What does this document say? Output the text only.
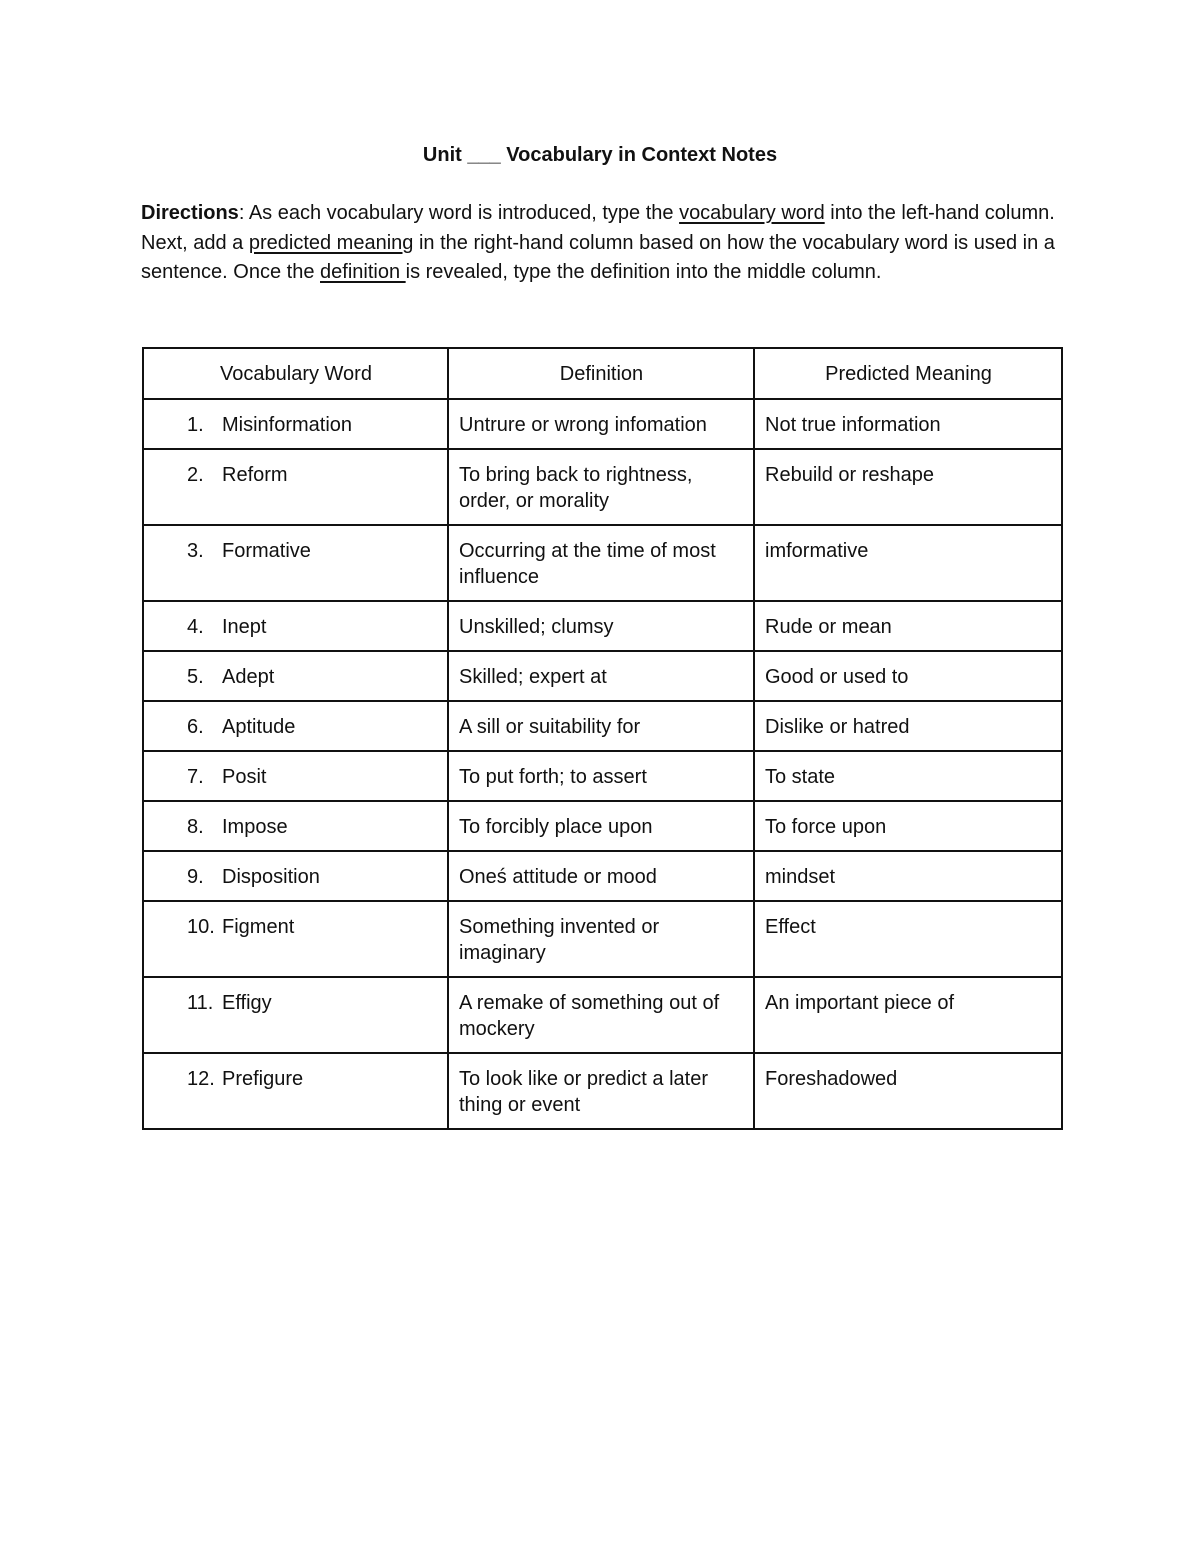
Unit ___ Vocabulary in Context Notes
Directions: As each vocabulary word is introduced, type the vocabulary word into the left-hand column. Next, add a predicted meaning in the right-hand column based on how the vocabulary word is used in a sentence. Once the definition is revealed, type the definition into the middle column.
Vocabulary Word	Definition	Predicted Meaning
1. Misinformation	Untrure or wrong infomation	Not true information
2. Reform	To bring back to rightness, order, or morality	Rebuild or reshape
3. Formative	Occurring at the time of most influence	imformative
4. Inept	Unskilled; clumsy	Rude or mean
5. Adept	Skilled; expert at	Good or used to
6. Aptitude	A sill or suitability for	Dislike or hatred
7. Posit	To put forth; to assert	To state
8. Impose	To forcibly place upon	To force upon
9. Disposition	Oneś attitude or mood	mindset
10. Figment	Something invented or imaginary	Effect
11. Effigy	A remake of something out of mockery	An important piece of
12. Prefigure	To look like or predict a later thing or event	Foreshadowed
